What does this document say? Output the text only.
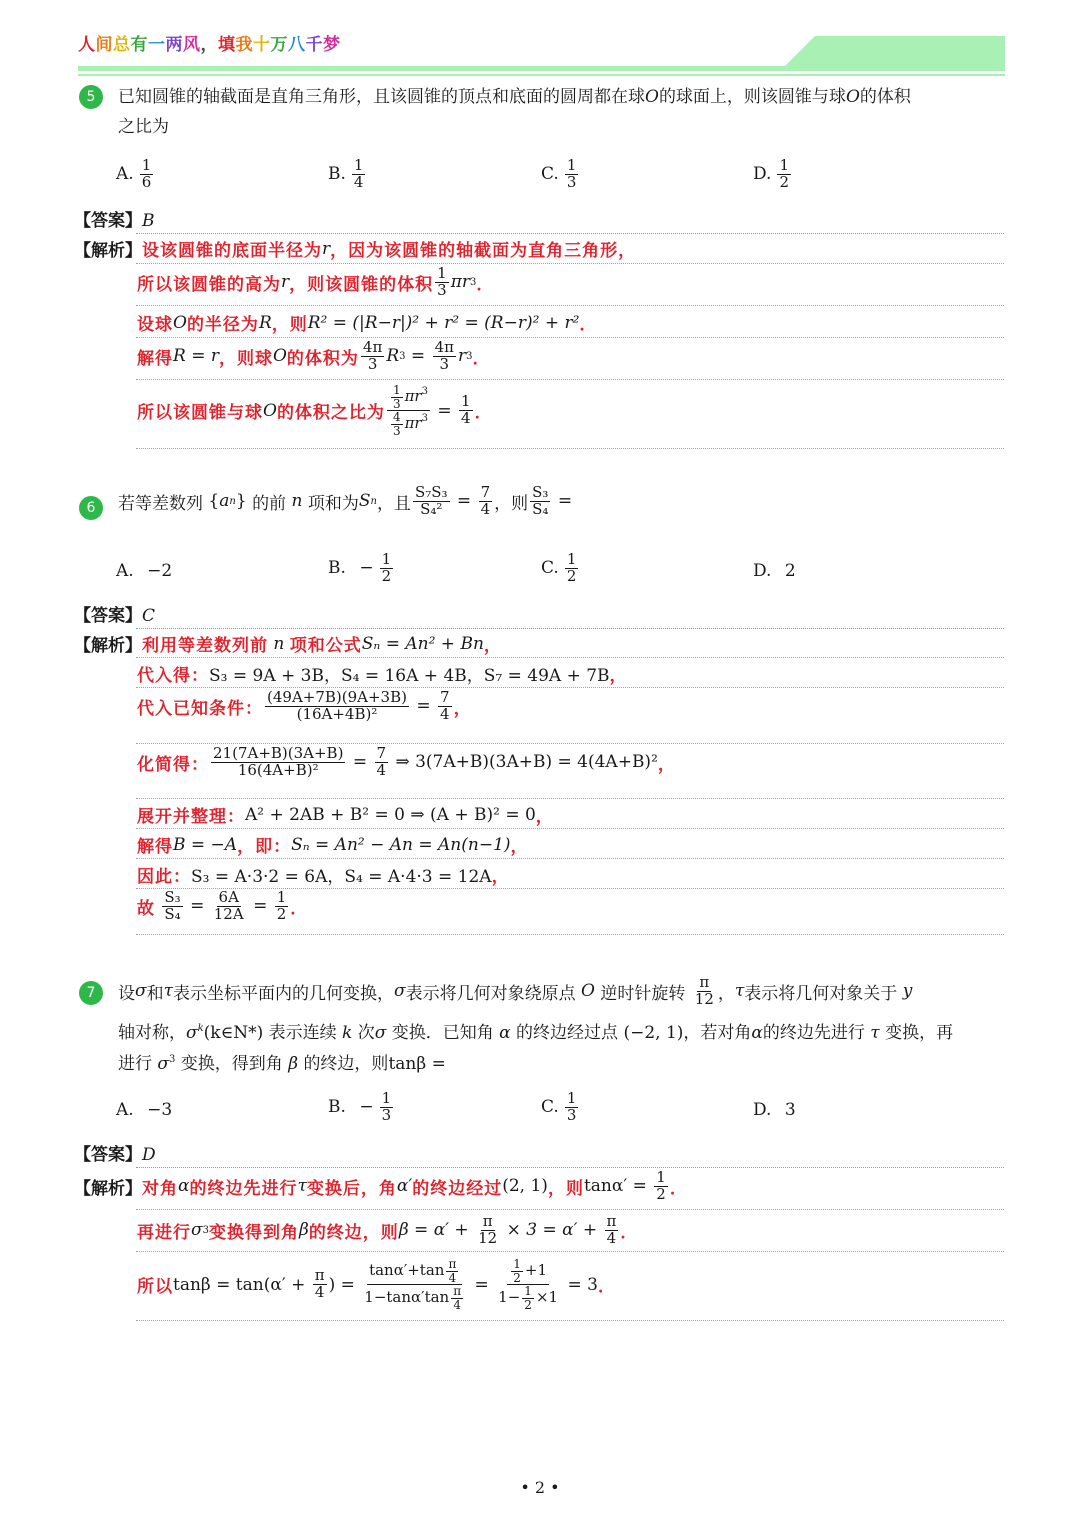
人间总有一两风，填我十万八千梦
5	已知圆锥的轴截面是直角三角形，且该圆锥的顶点和底面的圆周都在球O的球面上，则该圆锥与球O的体积
之比为
A. $\frac{1}{6}$	B. $\frac{1}{4}$	C. $\frac{1}{3}$	D. $\frac{1}{2}$
【答案】B
【解析】 设该圆锥的底面半径为 r ，因为该圆锥的轴截面为直角三角形，
所以该圆锥的高为 r ，则该圆锥的体积 $\frac{1}{3}$ πr 3 ．
设球 O 的半径为 R ，则 R² = (|R−r|)² + r² = (R−r)² + r² ．
解得 R = r ，则球 O 的体积为 $\frac{4\pi}{3}$ R $3 = \frac{4\pi}{3}$ r 3 ．
所以该圆锥与球 O 的体积之比为 $\frac{\frac{1}{3} \pi r^3}{\frac{4}{3} \pi r^3} = \frac{1}{4}$ ．
6	若等差数列 { a n } 的前
n
项和为 S n ，且 $\frac{\text{S₇S₃}}{\text{S₄²}} = \frac{7}{4}$ ，则 $\frac{\text{S₃}}{\text{S₄}}$ =
A.
−2	B.
− $\frac{1}{2}$	C. $\frac{1}{2}$	D.
2
【答案】C
【解析】 利用等差数列前
n
项和公式 Sₙ = An² + Bn ，
代入得： S₃ = 9A + 3B，S₄ = 16A + 4B，S₇ = 49A + 7B ，
代入已知条件： $\frac{(49A+7B)(9A+3B)}{\text{(16A+4B)²}} = \frac{7}{4}$ ，
化简得： $\frac{21(7A+B)(3A+B)}{\text{16(4A+B)²}} = \frac{7}{4}$
⇒ 3(7A+B)(3A+B) = 4(4A+B)² ，
展开并整理： A² + 2AB + B² = 0 ⇒ (A + B)² = 0 ，
解得 B = −A ，即： Sₙ = An² − An = An(n−1) ，
因此： S₃ = A·3·2 = 6A，S₄ = A·4·3 = 12A ，
故
$\frac{\text{S₃}}{\text{S₄}} = \frac{6A}{12A} = \frac{1}{2}$ ．
7	设 σ 和 τ 表示坐标平面内的几何变换， σ 表示将几何对象绕原点
O
逆时针旋转
$\frac{\pi}{12}$ ， τ 表示将几何对象关于
y
轴对称，$\sigma^k(k\in N*)$ 表示连续 k 次σ 变换．已知角 α 的终边经过点 (−2, 1)，若对角α的终边先进行 τ 变换，再
进行 $\sigma^3$ 变换，得到角 β 的终边，则tanβ =
A.
−3	B.
− $\frac{1}{3}$	C. $\frac{1}{3}$	D.
3
【答案】D
【解析】 对角 α 的终边先进行 τ 变换后，角 α′ 的终边经过 (2, 1) ，则 tanα′ =
$\frac{1}{2}$ ．
再进行 σ 3 变换得到角 β 的终边，则 β = α′ +
$\frac{\pi}{12}$
× 3 = α′ +
$\frac{\pi}{4}$ ．
所以 tanβ = tan(α′ +
$\frac{\pi}{4}$ ) = $\frac{\tan\alpha'+\tan \frac{\pi}{4}}{1-\tan\alpha'\tan \frac{\pi}{4}} = \frac{\frac{1}{2} +1}{1- \frac{1}{2} \times 1}$
= 3 ．
• 2 •
